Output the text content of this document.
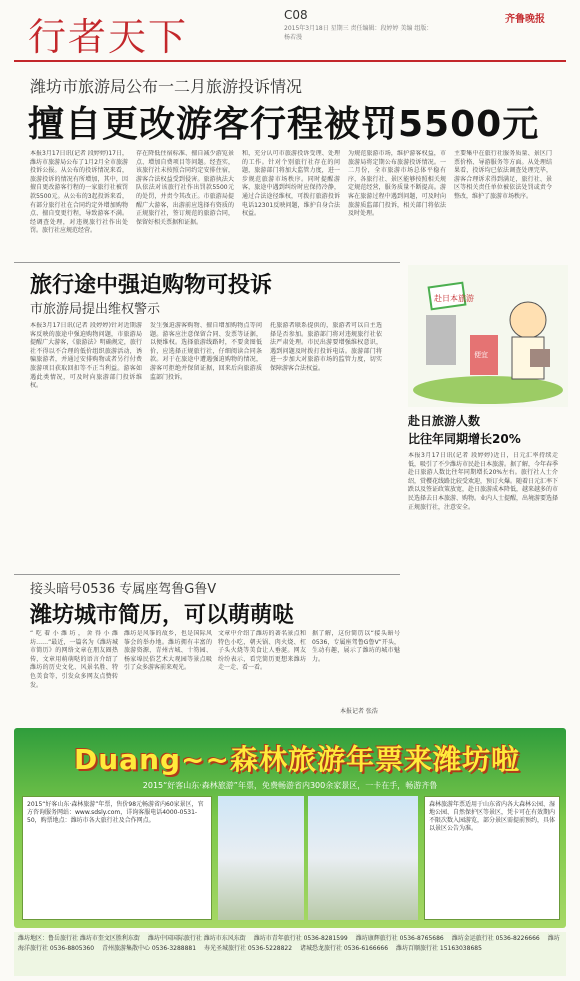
行者天下	C08
2015年3月18日 星期三 责任编辑：段婷婷 美编 组版：杨若漫
齐鲁晚报
潍坊市旅游局公布一二月旅游投诉情况
擅自更改游客行程被罚5500元
本报3月17日讯(记者 段婷婷)17日，潍坊市旅游局公布了1月2月全市旅游投诉公报。从公布的投诉情况来看，旅游投诉的情况有所增加，其中，因擅自更改游客行程的一家旅行社被罚款5500元。从公布的3起投诉来看，有部分旅行社在合同约定外增加购物点、擅自变更行程，导致游客不满。经调查处理，对违规旅行社作出处罚。旅行社应规范经营。
存在降低住宿标准、擅自减少游览景点、增加自费项目等问题。经查实，该旅行社未按照合同约定安排住宿，游客合法权益受到侵害。旅游执法大队依法对该旅行社作出罚款5500元的处罚，并责令其改正。市旅游局提醒广大游客，出游前应选择有资质的正规旅行社，签订规范的旅游合同，保留好相关票据和证据。
和，充分认可市旅游投诉受理、处理的工作。针对个别旅行社存在的问题，旅游部门将加大监管力度，进一步规范旅游市场秩序。同时提醒游客，旅途中遇到纠纷时应保持冷静，通过合法途径维权，可拨打旅游投诉电话12301反映问题，维护自身合法权益。
为规范旅游市场，维护游客权益，市旅游局将定期公布旅游投诉情况。一二月份，全市旅游市场总体平稳有序，各旅行社、景区能够按照相关规定规范经营，服务质量不断提高。游客在旅游过程中遇到问题，可及时向旅游质监部门投诉，相关部门将依法及时处理。
主要集中在旅行社服务质量、景区门票价格、导游服务等方面。从处理结果看，投诉均已依法调查处理完毕，游客合理诉求得到满足，旅行社、景区等相关责任单位被依法处罚或责令整改，维护了旅游市场秩序。
旅行途中强迫购物可投诉
市旅游局提出维权警示
本报3月17日讯(记者 段婷婷)针对近期游客反映的旅途中强迫购物问题，市旅游局提醒广大游客，《旅游法》明确规定，旅行社不得以不合理的低价组织旅游活动，诱骗旅游者，并通过安排购物或者另行付费旅游项目获取回扣等不正当利益。游客如遇此类情况，可及时向旅游部门投诉维权。
发生强迫游客购物、擅自增加购物点等问题。游客应注意保留合同、发票等证据，以便维权。选择旅游线路时，不要贪图低价，应选择正规旅行社，仔细阅读合同条款。对于在旅途中遭遇强迫购物的情况，游客可拒绝并保留证据，回来后向旅游质监部门投诉。
托旅游者联系提供的，旅游者可以自主选择是否参加。旅游部门将对违规旅行社依法严肃处理。市民出游要增强维权意识，遇到问题及时拨打投诉电话。旅游部门将进一步加大对旅游市场的监管力度，切实保障游客合法权益。
赴日本旅游
便宜
赴日旅游人数
比往年同期增长20%
本报3月17日讯(记者 段婷婷)近日，日元汇率持续走低，吸引了不少潍坊市民赴日本旅游。据了解，今年春季赴日旅游人数比往年同期增长20%左右。旅行社人士介绍，赏樱花线路比较受欢迎，预订火爆。随着日元汇率下跌以及签证政策放宽，赴日旅游成本降低，越来越多的市民选择去日本旅游、购物。业内人士提醒，出境游要选择正规旅行社，注意安全。
接头暗号0536 专属座驾鲁G鲁V
潍坊城市简历，可以萌萌哒
“吃着小潍坊，舍得小潍坊……”最近，一篇名为《潍坊城市简历》的网络文章在朋友圈热传，文章用萌萌哒的语言介绍了潍坊的历史文化、风景名胜、特色美食等，引发众多网友点赞转发。
潍坊是风筝的故乡，也是国际风筝会的举办地。潍坊拥有丰富的旅游资源，青州古城、十笏园、杨家埠民俗艺术大观园等景点吸引了众多游客前来观光。
文章中介绍了潍坊的著名景点和特色小吃，朝天锅、肉火烧、杠子头火烧等美食让人垂涎。网友纷纷表示，看完简历更想来潍坊走一走、看一看。
据了解，这份简历以“接头暗号0536，专属座驾鲁G鲁V”开头，生动有趣，展示了潍坊的城市魅力。
本报记者 张浩
Duang~~森林旅游年票来潍坊啦
2015“好客山东·森林旅游”年票，免费畅游省内300余家景区，一卡在手，畅游齐鲁
2015“好客山东·森林旅游”年票，售价98元畅游省内60家景区，官方咨询服务网站：www.sdsly.com，详询客服电话4000-0531-50，购票地点：潍坊市各大旅行社及合作网点。
森林旅游年票适用于山东省内各大森林公园、湿地公园、自然保护区等景区，凭卡可在有效期内不限次数入园游览，部分景区需提前预约，具体以景区公告为准。
潍坊地区：鲁岳旅行社 潍坊市奎文区胜利东街 潍坊中国国际旅行社 潍坊市东风东街 潍坊市青年旅行社 0536-8281599 潍坊康辉旅行社 0536-8765686 潍坊金运旅行社 0536-8226666 潍坊海洋旅行社 0536-8805360 青州旅游集散中心 0536-3288881 寿光圣城旅行社 0536-5228822 诸城恐龙旅行社 0536-6166666 潍坊百顺旅行社 15163038685
